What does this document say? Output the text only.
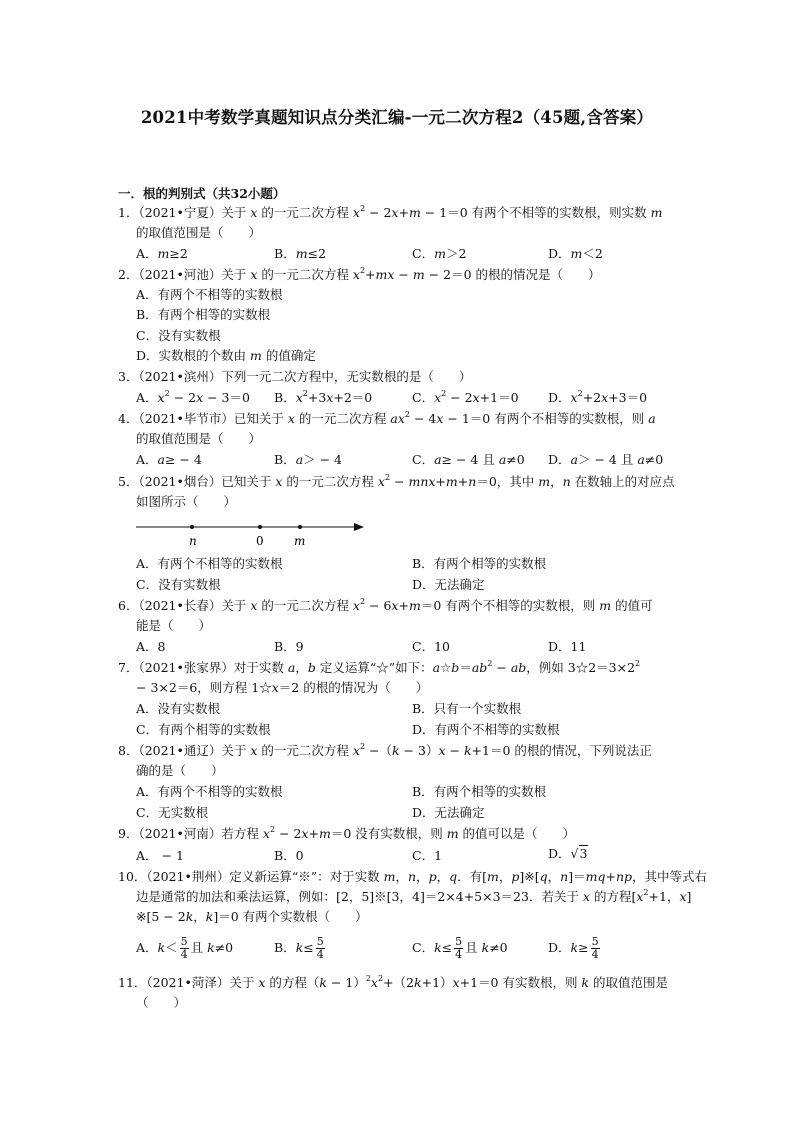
2021中考数学真题知识点分类汇编-一元二次方程2（45题,含答案）
一．根的判别式（共32小题）
1．（2021•宁夏）关于 x 的一元二次方程 $x^2 - 2x+m - 1=0$ 有两个不相等的实数根，则实数 m
的取值范围是（　　）
A．m≥2	B．m≤2	C．m＞2	D．m＜2
2．（2021•河池）关于 x 的一元二次方程 $x^2+mx - m - 2=0$ 的根的情况是（　　）
A．有两个不相等的实数根
B．有两个相等的实数根
C．没有实数根
D．实数根的个数由 m 的值确定
3．（2021•滨州）下列一元二次方程中，无实数根的是（　　）
A．$x^2 - 2x - 3=0$ B．$x^2+3x+2=0$	C．$x^2 - 2x+1=0$ D．$x^2+2x+3=0$
4．（2021•毕节市）已知关于 x 的一元二次方程 $ax^2 - 4x - 1=0$ 有两个不相等的实数根，则 a
的取值范围是（　　）
A．a≥ − 4	B．a＞ − 4	C．a≥ − 4 且 a≠0 D．a＞ − 4 且 a≠0
5．（2021•烟台）已知关于 x 的一元二次方程 $x^2 - mnx+m+n=0$，其中 m，n 在数轴上的对应点
如图所示（　　）
n	0	m
A．有两个不相等的实数根	B．有两个相等的实数根
C．没有实数根	D．无法确定
6．（2021•长春）关于 x 的一元二次方程 $x^2 - 6x+m=0$ 有两个不相等的实数根，则 m 的值可
能是（　　）
A．8	B．9	C．10	D．11
7．（2021•张家界）对于实数 a，b 定义运算“☆”如下：$a☆b=ab^2$ − ab，例如 $3☆2=3\times 2^2$
− 3×2＝6，则方程 1☆x＝2 的根的情况为（　　）
A．没有实数根	B．只有一个实数根
C．有两个相等的实数根	D．有两个不相等的实数根
8．（2021•通辽）关于 x 的一元二次方程 $x^2 -(k - 3)x - k+1=0$ 的根的情况，下列说法正
确的是（　　）
A．有两个不相等的实数根	B．有两个相等的实数根
C．无实数根	D．无法确定
9．（2021•河南）若方程 $x^2 - 2x+m=0$ 没有实数根，则 m 的值可以是（　　）
A． − 1	B．0	C．1	D．√3
10．（2021•荆州）定义新运算“※”：对于实数 m，n，p，q．有[m，p]※[q，n]＝mq+np，其中等式右
边是通常的加法和乘法运算，例如：[2，5]※[3，4]＝2×4+5×3＝23．若关于 x 的方程[$x^2+1$，x]
※[5 − 2k，k]＝0 有两个实数根（　　）
A．$k< \frac{5}{4}$ 且 k≠0	B．$k\le \frac{5}{4}$	C．$k\le \frac{5}{4}$ 且 k≠0	D．$k\ge \frac{5}{4}$
11．（2021•菏泽）关于 x 的方程$(k - 1)^2x^2+(2k+1)x+1=0$ 有实数根，则 k 的取值范围是
（　　）
